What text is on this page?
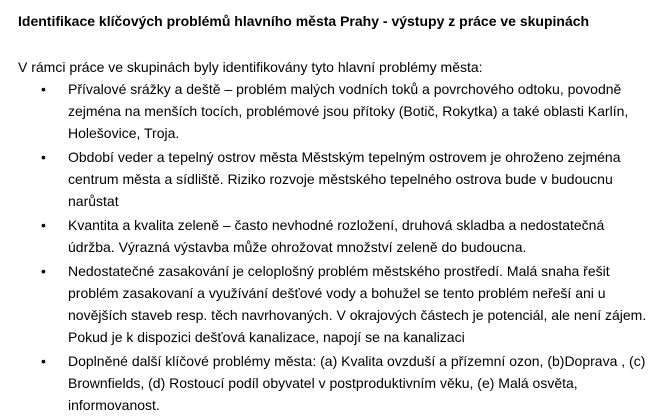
Identifikace klíčových problémů hlavního města Prahy - výstupy z práce ve skupinách
V rámci práce ve skupinách byly identifikovány tyto hlavní problémy města:
• Přívalové srážky a deště – problém malých vodních toků a povrchového odtoku, povodně
zejména na menších tocích, problémové jsou přítoky (Botič, Rokytka) a také oblasti Karlín,
Holešovice, Troja.
• Období veder a tepelný ostrov města Městským tepelným ostrovem je ohroženo zejména
centrum města a sídliště. Riziko rozvoje městského tepelného ostrova bude v budoucnu
narůstat
• Kvantita a kvalita zeleně – často nevhodné rozložení, druhová skladba a nedostatečná
údržba. Výrazná výstavba může ohrožovat množství zeleně do budoucna.
• Nedostatečné zasakování je celoplošný problém městského prostředí. Malá snaha řešit
problém zasakovaní a využívání dešťové vody a bohužel se tento problém neřeší ani u
novějších staveb resp. těch navrhovaných. V okrajových částech je potenciál, ale není zájem.
Pokud je k dispozici dešťová kanalizace, napojí se na kanalizaci
• Doplněné další klíčové problémy města: (a) Kvalita ovzduší a přízemní ozon, (b)Doprava , (c)
Brownfields, (d) Rostoucí podíl obyvatel v postproduktivním věku, (e) Malá osvěta,
informovanost.
